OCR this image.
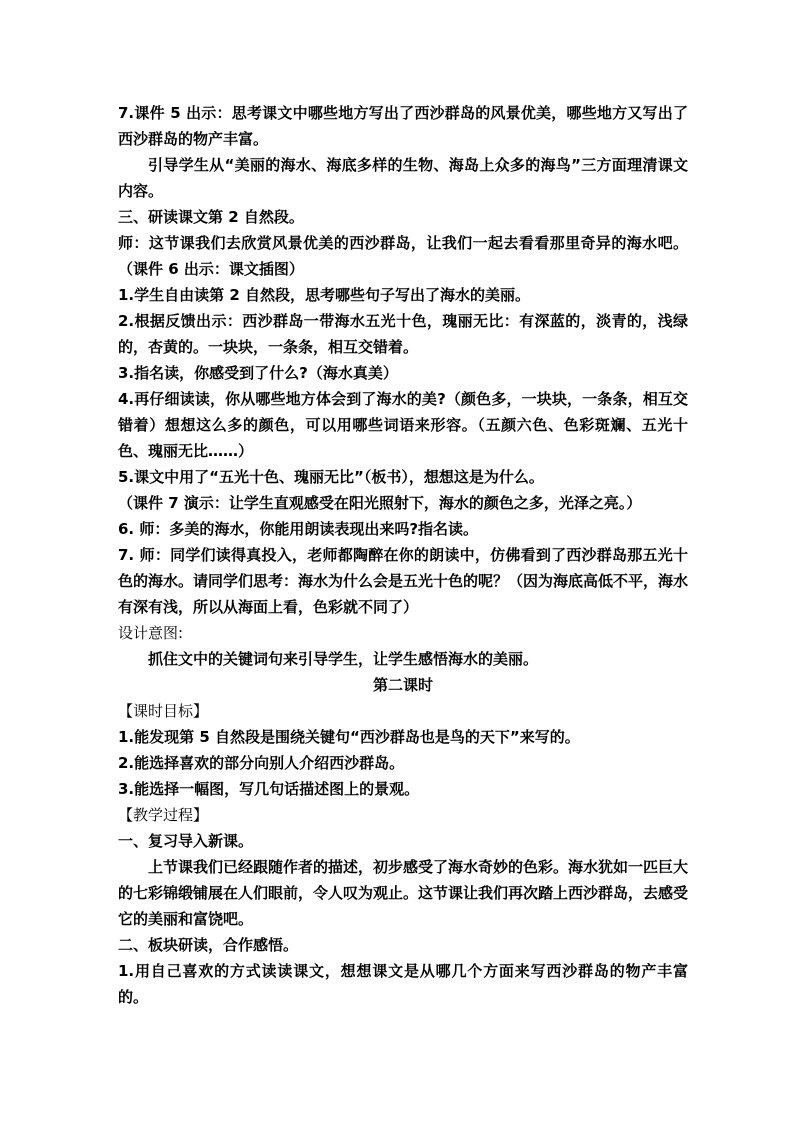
7.课件 5 出示：思考课文中哪些地方写出了西沙群岛的风景优美，哪些地方又写出了西沙群岛的物产丰富。

引导学生从“美丽的海水、海底多样的生物、海岛上众多的海鸟”三方面理清课文内容。

三、研读课文第 2 自然段。

师：这节课我们去欣赏风景优美的西沙群岛，让我们一起去看看那里奇异的海水吧。（课件 6 出示：课文插图）

1.学生自由读第 2 自然段，思考哪些句子写出了海水的美丽。

2.根据反馈出示：西沙群岛一带海水五光十色，瑰丽无比：有深蓝的，淡青的，浅绿的，杏黄的。一块块，一条条，相互交错着。

3.指名读，你感受到了什么?（海水真美）

4.再仔细读读，你从哪些地方体会到了海水的美?（颜色多，一块块，一条条，相互交错着）想想这么多的颜色，可以用哪些词语来形容。（五颜六色、色彩斑斓、五光十色、瑰丽无比……）

5.课文中用了“五光十色、瑰丽无比”（板书），想想这是为什么。

（课件 7 演示：让学生直观感受在阳光照射下，海水的颜色之多，光泽之亮。）

6. 师：多美的海水，你能用朗读表现出来吗?指名读。

7. 师：同学们读得真投入，老师都陶醉在你的朗读中，仿佛看到了西沙群岛那五光十色的海水。请同学们思考：海水为什么会是五光十色的呢？（因为海底高低不平，海水有深有浅，所以从海面上看，色彩就不同了）

设计意图:

抓住文中的关键词句来引导学生，让学生感悟海水的美丽。

第二课时

【课时目标】

1.能发现第 5 自然段是围绕关键句“西沙群岛也是鸟的天下”来写的。

2.能选择喜欢的部分向别人介绍西沙群岛。

3.能选择一幅图，写几句话描述图上的景观。

【教学过程】

一、复习导入新课。

上节课我们已经跟随作者的描述，初步感受了海水奇妙的色彩。海水犹如一匹巨大的七彩锦缎铺展在人们眼前，令人叹为观止。这节课让我们再次踏上西沙群岛，去感受它的美丽和富饶吧。

二、板块研读，合作感悟。

1.用自己喜欢的方式读读课文，想想课文是从哪几个方面来写西沙群岛的物产丰富的。
